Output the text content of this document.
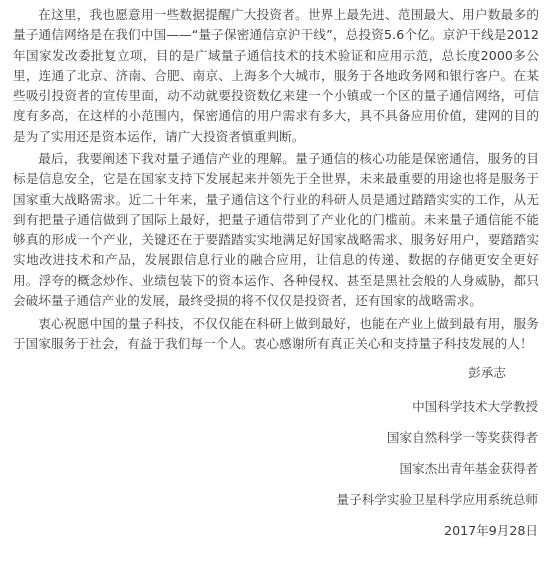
在这里，我也愿意用一些数据提醒广大投资者。世界上最先进、范围最大、用户数最多的量子通信网络是在我们中国——“量子保密通信京沪干线”，总投资5.6个亿。京沪干线是2012年国家发改委批复立项，目的是广域量子通信技术的技术验证和应用示范，总长度2000多公里，连通了北京、济南、合肥、南京、上海多个大城市，服务于各地政务网和银行客户。在某些吸引投资者的宣传里面，动不动就要投资数亿来建一个小镇或一个区的量子通信网络，可信度有多高，在这样的小范围内，保密通信的用户需求有多大，具不具备应用价值，建网的目的是为了实用还是资本运作，请广大投资者慎重判断。

最后，我要阐述下我对量子通信产业的理解。量子通信的核心功能是保密通信，服务的目标是信息安全，它是在国家支持下发展起来并领先于全世界，未来最重要的用途也将是服务于国家重大战略需求。近二十年来，量子通信这个行业的科研人员是通过踏踏实实的工作，从无到有把量子通信做到了国际上最好，把量子通信带到了产业化的门槛前。未来量子通信能不能够真的形成一个产业，关键还在于要踏踏实实地满足好国家战略需求、服务好用户，要踏踏实实地改进技术和产品，发展跟信息行业的融合应用，让信息的传递、数据的存储更安全更好用。浮夸的概念炒作、业绩包装下的资本运作、各种侵权、甚至是黑社会般的人身威胁，都只会破坏量子通信产业的发展，最终受损的将不仅仅是投资者，还有国家的战略需求。

衷心祝愿中国的量子科技，不仅仅能在科研上做到最好，也能在产业上做到最有用，服务于国家服务于社会，有益于我们每一个人。衷心感谢所有真正关心和支持量子科技发展的人！

彭承志

中国科学技术大学教授

国家自然科学一等奖获得者

国家杰出青年基金获得者

量子科学实验卫星科学应用系统总师

2017年9月28日
